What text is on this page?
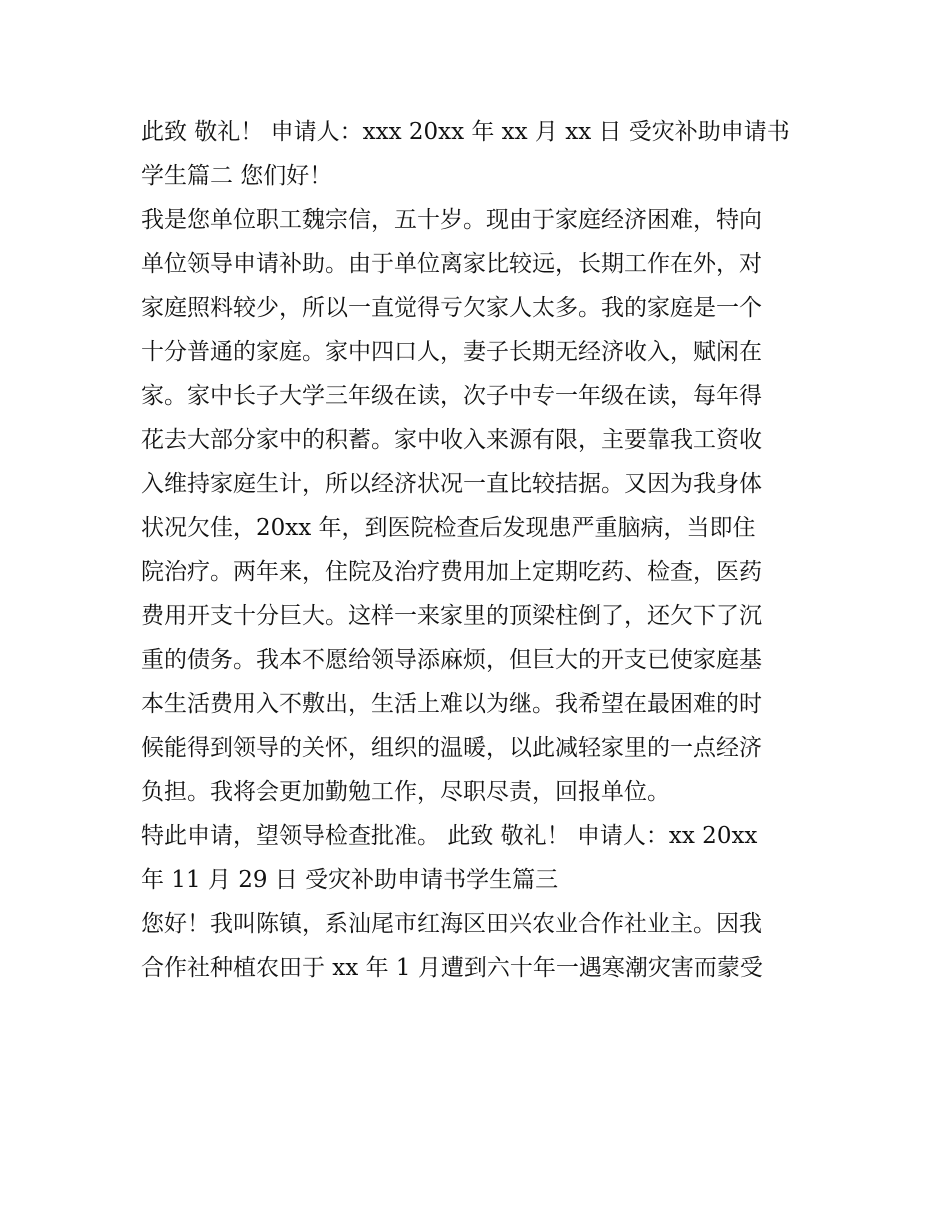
此致 敬礼！ 申请人：xxx 20xx 年 xx 月 xx 日 受灾补助申请书
学生篇二 您们好！
我是您单位职工魏宗信，五十岁。现由于家庭经济困难，特向
单位领导申请补助。由于单位离家比较远，长期工作在外，对
家庭照料较少，所以一直觉得亏欠家人太多。我的家庭是一个
十分普通的家庭。家中四口人，妻子长期无经济收入，赋闲在
家。家中长子大学三年级在读，次子中专一年级在读，每年得
花去大部分家中的积蓄。家中收入来源有限，主要靠我工资收
入维持家庭生计，所以经济状况一直比较拮据。又因为我身体
状况欠佳，20xx 年，到医院检查后发现患严重脑病，当即住
院治疗。两年来，住院及治疗费用加上定期吃药、检查，医药
费用开支十分巨大。这样一来家里的顶梁柱倒了，还欠下了沉
重的债务。我本不愿给领导添麻烦，但巨大的开支已使家庭基
本生活费用入不敷出，生活上难以为继。我希望在最困难的时
候能得到领导的关怀，组织的温暖，以此减轻家里的一点经济
负担。我将会更加勤勉工作，尽职尽责，回报单位。
特此申请，望领导检查批准。 此致 敬礼！ 申请人：xx 20xx
年 11 月 29 日 受灾补助申请书学生篇三
您好！我叫陈镇，系汕尾市红海区田兴农业合作社业主。因我
合作社种植农田于 xx 年 1 月遭到六十年一遇寒潮灾害而蒙受
